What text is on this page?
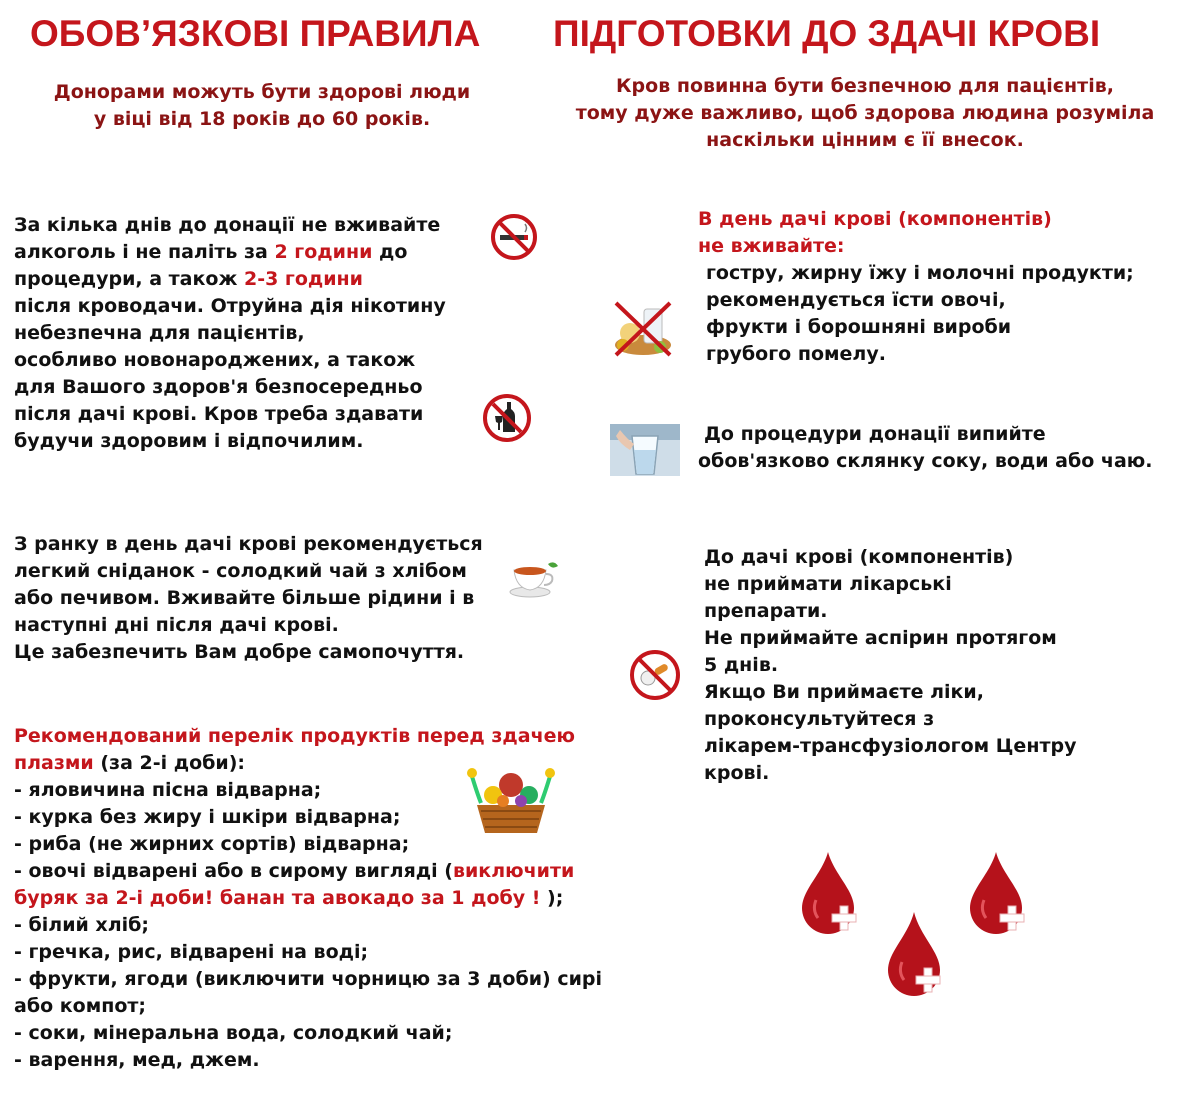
ОБОВ’ЯЗКОВІ ПРАВИЛА ПІДГОТОВКИ ДО ЗДАЧІ КРОВІ
Донорами можуть бути здорові люди
у віці від 18 років до 60 років.
Кров повинна бути безпечною для пацієнтів,
тому дуже важливо, щоб здорова людина розуміла
наскільки цінним є її внесок.
За кілька днів до донації не вживайте
алкоголь і не паліть за 2 години до
процедури, а також 2-3 години
після кроводачи. Отруйна дія нікотину
небезпечна для пацієнтів,
особливо новонароджених, а також
для Вашого здоров'я безпосередньо
після дачі крові. Кров треба здавати
будучи здоровим і відпочилим.
В день дачі крові (компонентів)
не вживайте:
гостру, жирну їжу і молочні продукти;
рекомендується їсти овочі,
фрукти і борошняні вироби
грубого помелу.
До процедури донації випийте
обов'язково склянку соку, води або чаю.
З ранку в день дачі крові рекомендується
легкий сніданок - солодкий чай з хлібом
або печивом. Вживайте більше рідини і в
наступні дні після дачі крові.
Це забезпечить Вам добре самопочуття.
До дачі крові (компонентів)
не приймати лікарські
препарати.
Не приймайте аспірин протягом
5 днів.
Якщо Ви приймаєте ліки,
проконсультуйтеся з
лікарем-трансфузіологом Центру
крові.
Рекомендований перелік продуктів перед здачею
плазми (за 2-і доби):
- яловичина пісна відварна;
- курка без жиру і шкіри відварна;
- риба (не жирних сортів) відварна;
- овочі відварені або в сирому вигляді (виключити
буряк за 2-і доби! банан та авокадо за 1 добу ! );
- білий хліб;
- гречка, рис, відварені на воді;
- фрукти, ягоди (виключити чорницю за 3 доби) сирі
або компот;
- соки, мінеральна вода, солодкий чай;
- варення, мед, джем.
